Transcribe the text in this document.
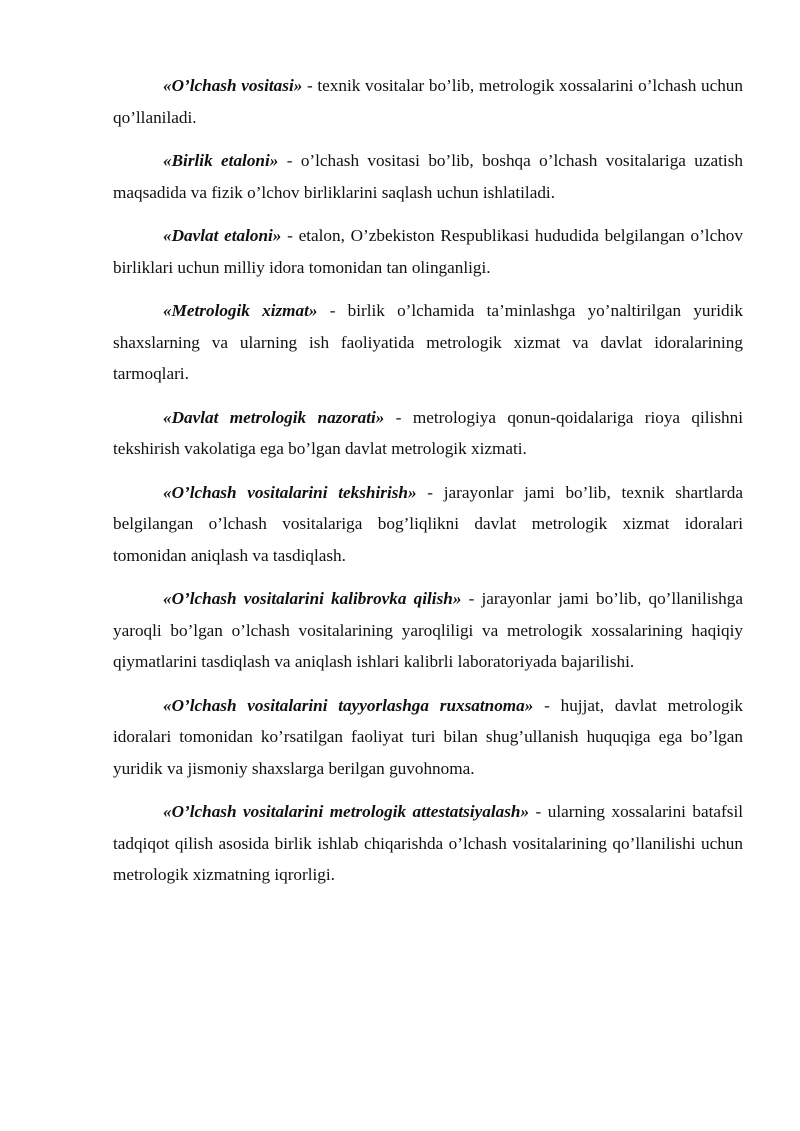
«O’lchash vositasi» - texnik vositalar bo’lib, metrologik xossalarini o’lchash uchun qo’llaniladi.

«Birlik etaloni» - o’lchash vositasi bo’lib, boshqa o’lchash vositalariga uzatish maqsadida va fizik o’lchov birliklarini saqlash uchun ishlatiladi.

«Davlat etaloni» - etalon, O’zbekiston Respublikasi hududida belgilangan o’lchov birliklari uchun milliy idora tomonidan tan olinganligi.

«Metrologik xizmat» - birlik o’lchamida ta’minlashga yo’naltirilgan yuridik shaxslarning va ularning ish faoliyatida metrologik xizmat va davlat idoralarining tarmoqlari.

«Davlat metrologik nazorati» - metrologiya qonun-qoidalariga rioya qilishni tekshirish vakolatiga ega bo’lgan davlat metrologik xizmati.

«O’lchash vositalarini tekshirish» - jarayonlar jami bo’lib, texnik shartlarda belgilangan o’lchash vositalariga bog’liqlikni davlat metrologik xizmat idoralari tomonidan aniqlash va tasdiqlash.

«O’lchash vositalarini kalibrovka qilish» - jarayonlar jami bo’lib, qo’llanilishga yaroqli bo’lgan o’lchash vositalarining yaroqliligi va metrologik xossalarining haqiqiy qiymatlarini tasdiqlash va aniqlash ishlari kalibrli laboratoriyada bajarilishi.

«O’lchash vositalarini tayyorlashga ruxsatnoma» - hujjat, davlat metrologik idoralari tomonidan ko’rsatilgan faoliyat turi bilan shug’ullanish huquqiga ega bo’lgan yuridik va jismoniy shaxslarga berilgan guvohnoma.

«O’lchash vositalarini metrologik attestatsiyalash» - ularning xossalarini batafsil tadqiqot qilish asosida birlik ishlab chiqarishda o’lchash vositalarining qo’llanilishi uchun metrologik xizmatning iqrorligi.
